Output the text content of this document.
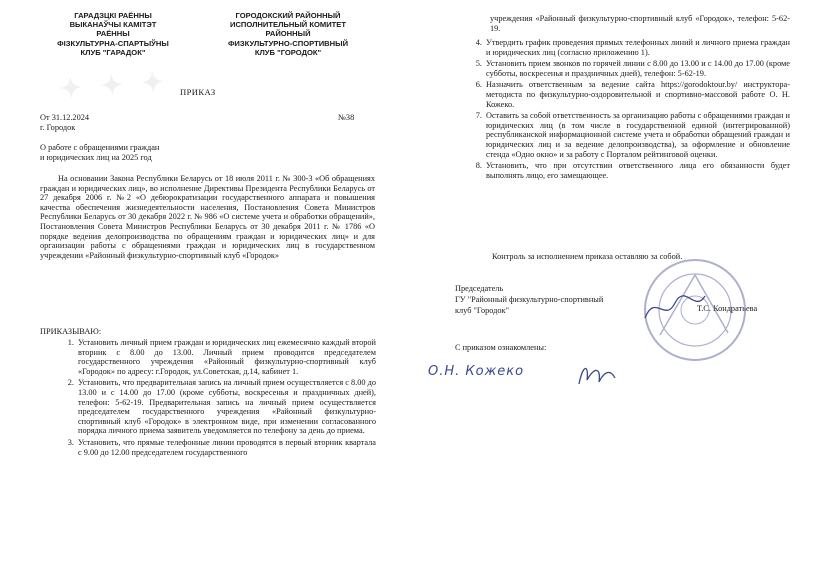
✦ ✦ ✦
ГАРАДЗЦКІ РАЁННЫ
ВЫКАНАЎЧЫ КАМІТЭТ
РАЁННЫ
ФІЗКУЛЬТУРНА-СПАРТЫЎНЫ
КЛУБ "ГАРАДОК"
ГОРОДОКСКИЙ РАЙОННЫЙ
ИСПОЛНИТЕЛЬНЫЙ КОМИТЕТ
РАЙОННЫЙ
ФИЗКУЛЬТУРНО-СПОРТИВНЫЙ
КЛУБ "ГОРОДОК"
ПРИКАЗ
От 31.12.2024	№38
г. Городок
О работе с обращениями граждан
и юридических лиц на 2025 год
На основании Закона Республики Беларусь от 18 июля 2011 г. № 300-3 «Об обращениях граждан и юридических лиц», во исполнение Директивы Президента Республики Беларусь от 27 декабря 2006 г. №2 «О дебюрократизации государственного аппарата и повышения качества обеспечения жизнедеятельности населения, Постановления Совета Министров Республики Беларусь от 30 декабря 2022 г. № 986 «О системе учета и обработки обращений», Постановления Совета Министров Республики Беларусь от 30 декабря 2011 г. № 1786 «О порядке ведения делопроизводства по обращениям граждан и юридических лиц» и для организации работы с обращениями граждан и юридических лиц в государственном учреждении «Районный физкультурно-спортивный клуб «Городок»
ПРИКАЗЫВАЮ:
1. Установить личный прием граждан и юридических лиц ежемесячно каждый второй вторник с 8.00 до 13.00. Личный прием проводится председателем государственного учреждения «Районный физкультурно-спортивный клуб «Городок» по адресу: г.Городок, ул.Советская, д.14, кабинет 1.
2. Установить, что предварительная запись на личный прием осуществляется с 8.00 до 13.00 и с 14.00 до 17.00 (кроме субботы, воскресенья и праздничных дней), телефон: 5-62-19. Предварительная запись на личный прием осуществляется председателем государственного учреждения «Районный физкультурно-спортивный клуб «Городок» в электронном виде, при изменении согласованного порядка личного приема заявитель уведомляется по телефону за день до приема.
3. Установить, что прямые телефонные линии проводятся в первый вторник квартала с 9.00 до 12.00 председателем государственного
учреждения «Районный физкультурно-спортивный клуб «Городок», телефон: 5-62-19.
4. Утвердить график проведения прямых телефонных линий и личного приема граждан и юридических лиц (согласно приложению 1).
5. Установить прием звонков по горячей линии с 8.00 до 13.00 и с 14.00 до 17.00 (кроме субботы, воскресенья и праздничных дней), телефон: 5-62-19.
6. Назначить ответственным за ведение сайта https://gorodoktour.by/ инструктора-методиста по физкультурно-оздоровительной и спортивно-массовой работе О. Н. Кожеко.
7. Оставить за собой ответственность за организацию работы с обращениями граждан и юридических лиц (в том числе в государственной единой (интегрированной) республиканской информационной системе учета и обработки обращений граждан и юридических лиц и за ведение делопроизводства), за оформление и обновление стенда «Одно окно» и за работу с Порталом рейтинговой оценки.
8. Установить, что при отсутствии ответственного лица его обязанности будет выполнять лицо, его замещающее.
Контроль за исполнением приказа оставляю за собой.
Председатель
ГУ "Районный физкультурно-спортивный
клуб "Городок"	Т.С. Кондратьева
С приказом ознакомлены:
О.Н. Кожеко
